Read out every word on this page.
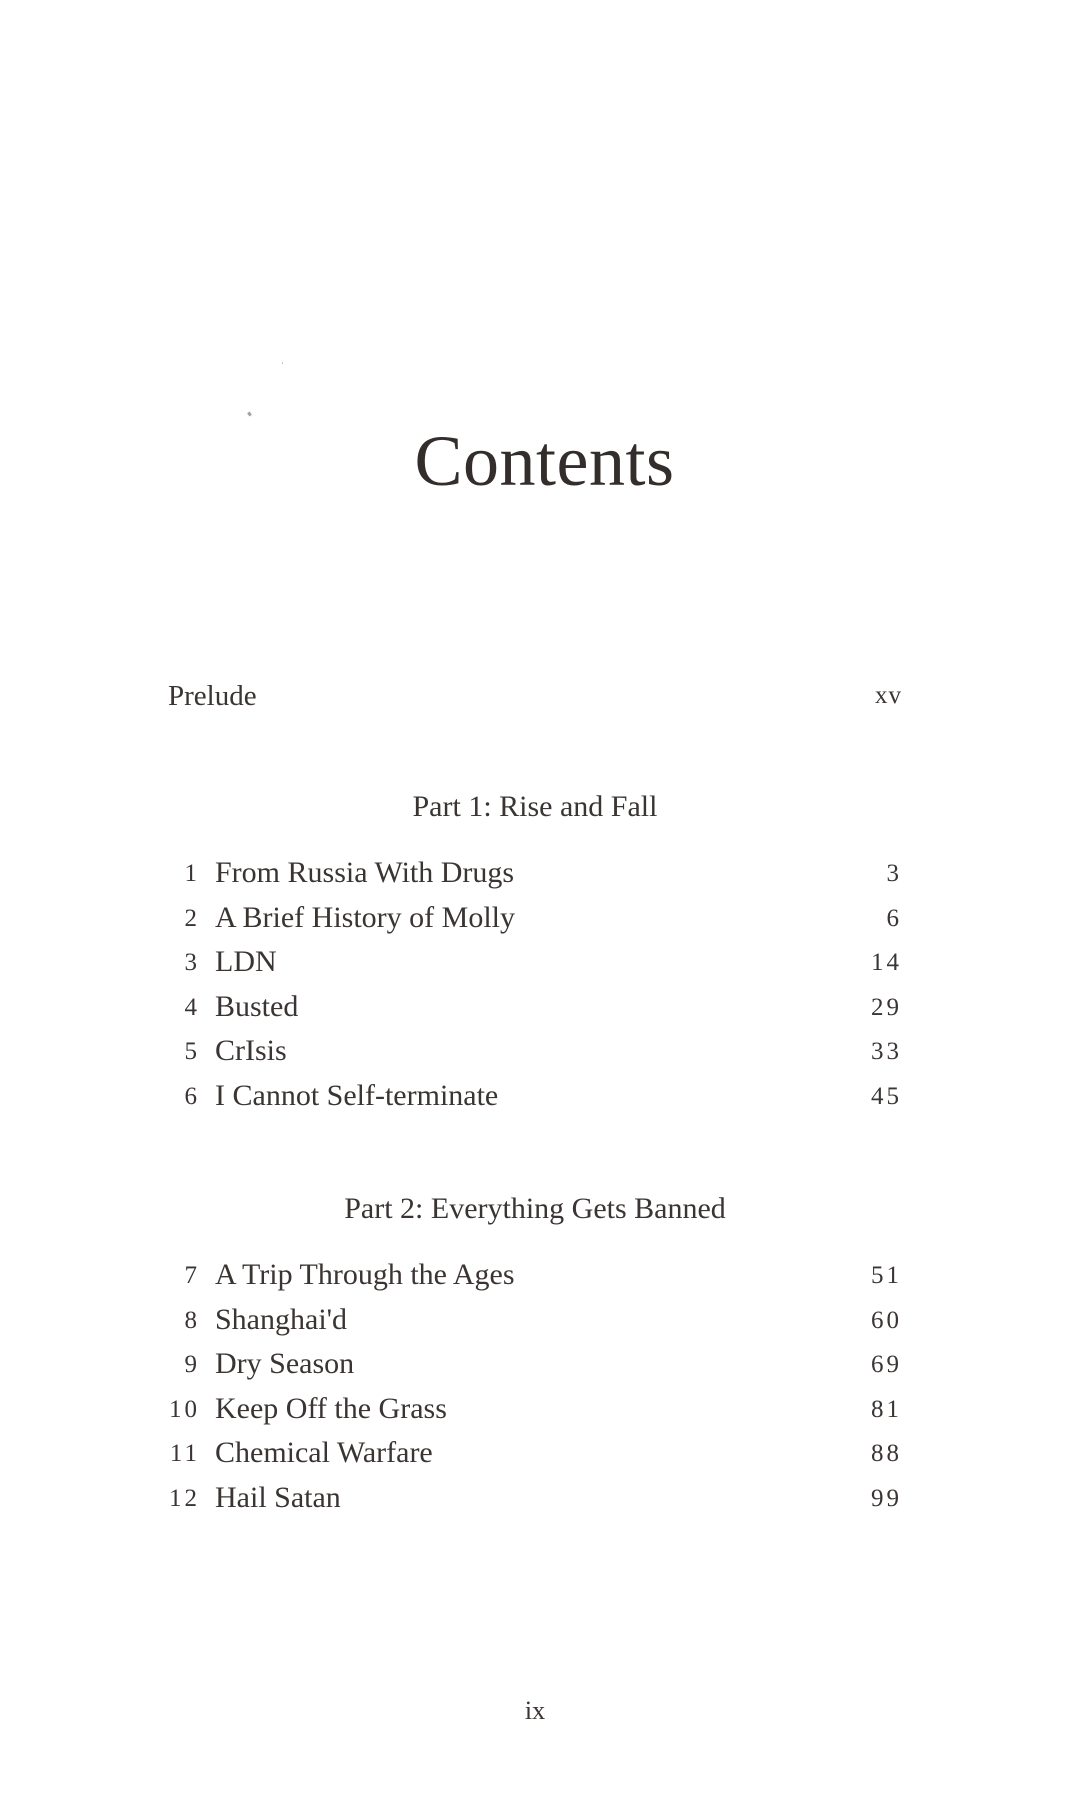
Contents
Prelude	xv
Part 1: Rise and Fall
1 From Russia With Drugs	3
2 A Brief History of Molly	6
3 LDN	14
4 Busted	29
5 CrIsis	33
6 I Cannot Self-terminate	45
Part 2: Everything Gets Banned
7 A Trip Through the Ages	51
8 Shanghai'd	60
9 Dry Season	69
10 Keep Off the Grass	81
11 Chemical Warfare	88
12 Hail Satan	99
ix
